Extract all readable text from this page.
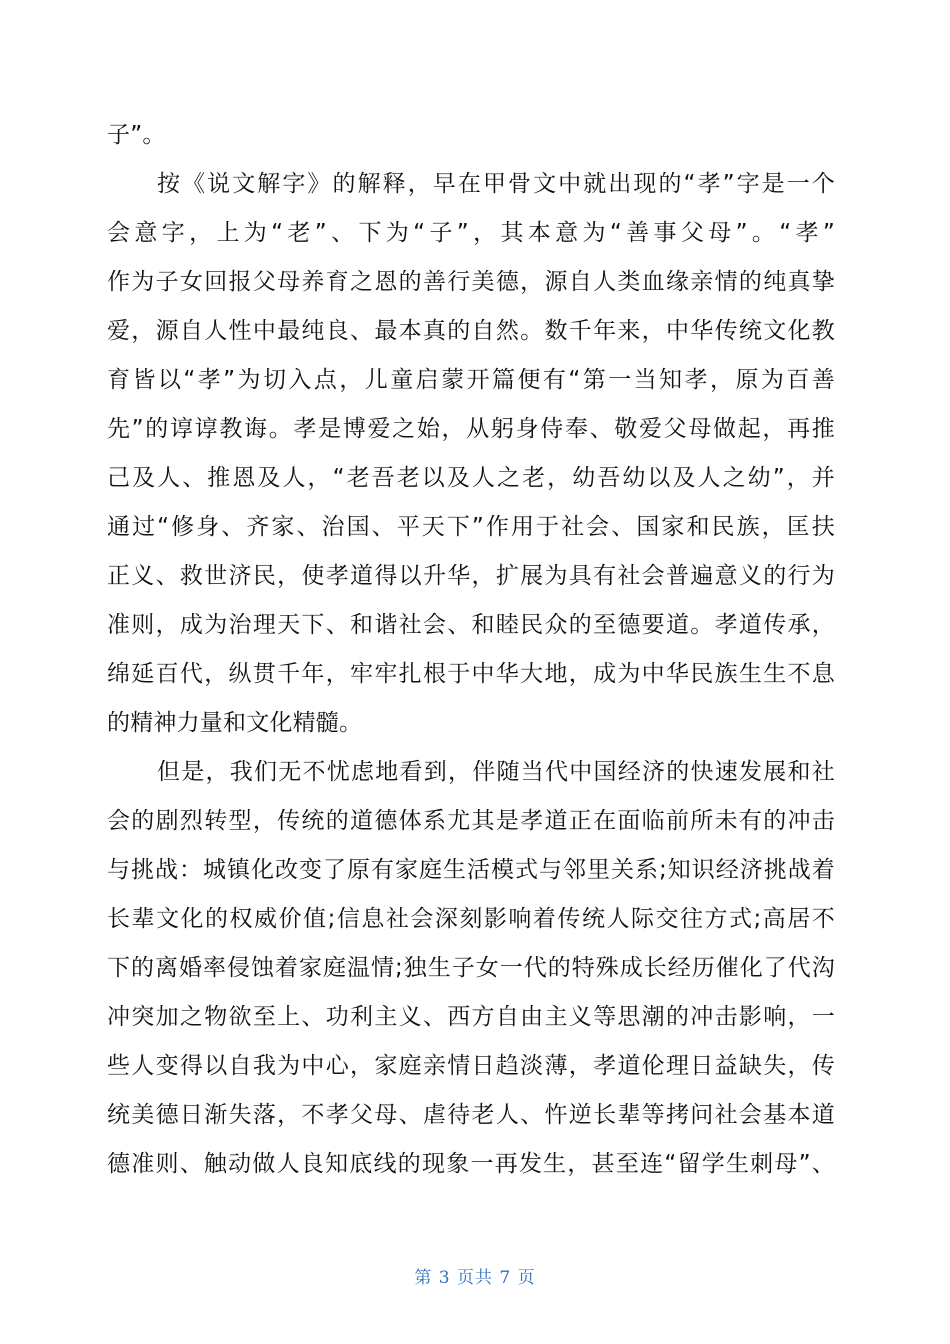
子”。
按《说文解字》的解释，早在甲骨文中就出现的“孝”字是一个
会意字，上为“老”、下为“子”，其本意为“善事父母”。“孝”
作为子女回报父母养育之恩的善行美德，源自人类血缘亲情的纯真挚
爱，源自人性中最纯良、最本真的自然。数千年来，中华传统文化教
育皆以“孝”为切入点，儿童启蒙开篇便有“第一当知孝，原为百善
先”的谆谆教诲。孝是博爱之始，从躬身侍奉、敬爱父母做起，再推
己及人、推恩及人，“老吾老以及人之老，幼吾幼以及人之幼”，并
通过“修身、齐家、治国、平天下”作用于社会、国家和民族，匡扶
正义、救世济民，使孝道得以升华，扩展为具有社会普遍意义的行为
准则，成为治理天下、和谐社会、和睦民众的至德要道。孝道传承，
绵延百代，纵贯千年，牢牢扎根于中华大地，成为中华民族生生不息
的精神力量和文化精髓。
但是，我们无不忧虑地看到，伴随当代中国经济的快速发展和社
会的剧烈转型，传统的道德体系尤其是孝道正在面临前所未有的冲击
与挑战：城镇化改变了原有家庭生活模式与邻里关系;知识经济挑战着
长辈文化的权威价值;信息社会深刻影响着传统人际交往方式;高居不
下的离婚率侵蚀着家庭温情;独生子女一代的特殊成长经历催化了代沟
冲突加之物欲至上、功利主义、西方自由主义等思潮的冲击影响，一
些人变得以自我为中心，家庭亲情日趋淡薄，孝道伦理日益缺失，传
统美德日渐失落，不孝父母、虐待老人、忤逆长辈等拷问社会基本道
德准则、触动做人良知底线的现象一再发生，甚至连“留学生刺母”、
第 3 页共 7 页
